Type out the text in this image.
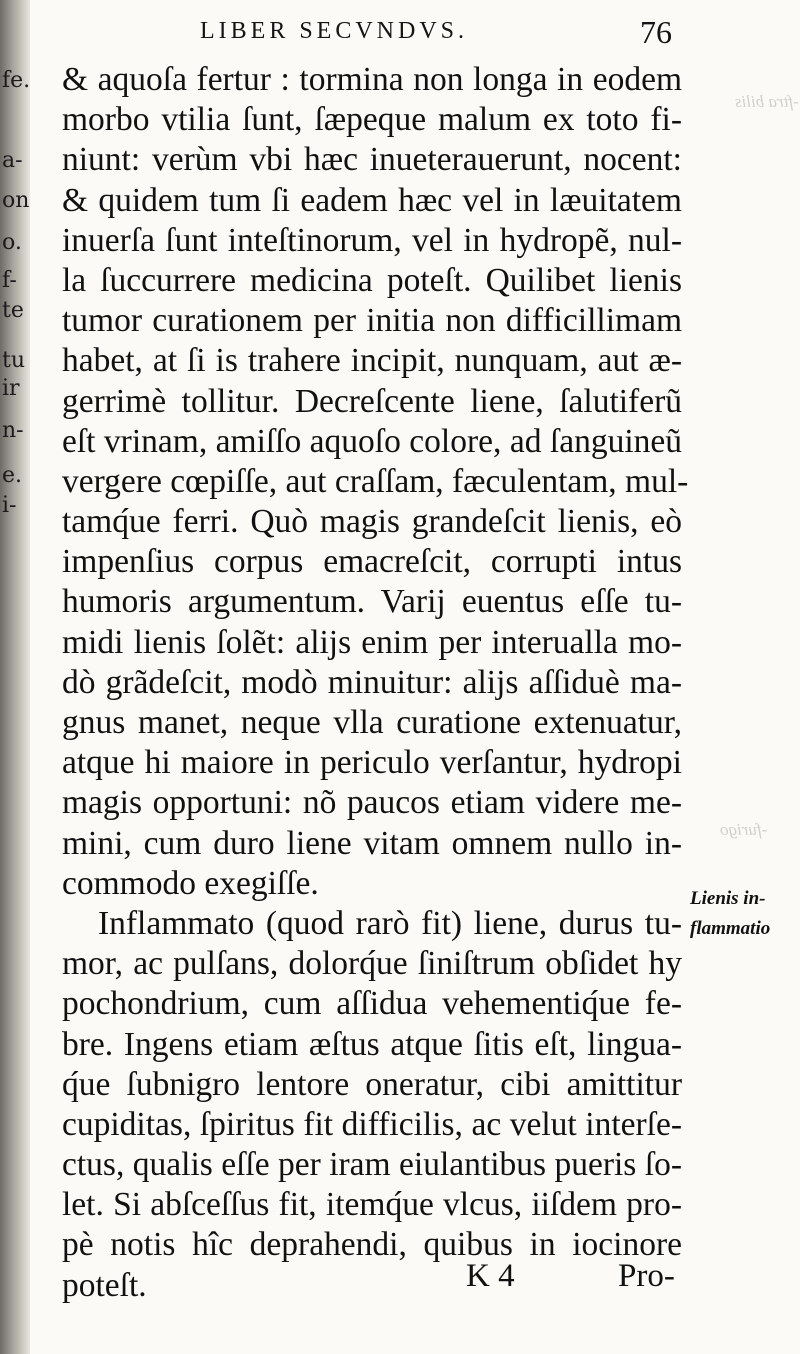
fe.
a-
on
o.
f-
te
tu
ir
n-
e.
i-
-ftra bilis
-furigo
LIBER SECVNDVS.	76
& aquoſa fertur : tormina non longa in eodem
morbo vtilia ſunt, ſæpeque malum ex toto fi-
niunt: verùm vbi hæc inueterauerunt, nocent:
& quidem tum ſi eadem hæc vel in læuitatem
inuerſa ſunt inteſtinorum, vel in hydropẽ, nul-
la ſuccurrere medicina poteſt. Quilibet lienis
tumor curationem per initia non difficillimam
habet, at ſi is trahere incipit, nunquam, aut æ-
gerrimè tollitur. Decreſcente liene, ſalutiferũ
eſt vrinam, amiſſo aquoſo colore, ad ſanguineũ
vergere cœpiſſe, aut craſſam, fæculentam, mul-
tamq́ue ferri. Quò magis grandeſcit lienis, eò
impenſius corpus emacreſcit, corrupti intus
humoris argumentum. Varij euentus eſſe tu-
midi lienis ſolẽt: alijs enim per interualla mo-
dò grãdeſcit, modò minuitur: alijs aſſiduè ma-
gnus manet, neque vlla curatione extenuatur,
atque hi maiore in periculo verſantur, hydropi
magis opportuni: nõ paucos etiam videre me-
mini, cum duro liene vitam omnem nullo in-
commodo exegiſſe.
Inflammato (quod rarò fit) liene, durus tu-
mor, ac pulſans, dolorq́ue ſiniſtrum obſidet hy
pochondrium, cum aſſidua vehementiq́ue fe-
bre. Ingens etiam æſtus atque ſitis eſt, lingua-
q́ue ſubnigro lentore oneratur, cibi amittitur
cupiditas, ſpiritus fit difficilis, ac velut interſe-
ctus, qualis eſſe per iram eiulantibus pueris ſo-
let. Si abſceſſus fit, itemq́ue vlcus, iiſdem pro-
pè notis hîc deprahendi, quibus in iocinore
poteſt.
Lienis in-
flammatio
K 4	Pro-
